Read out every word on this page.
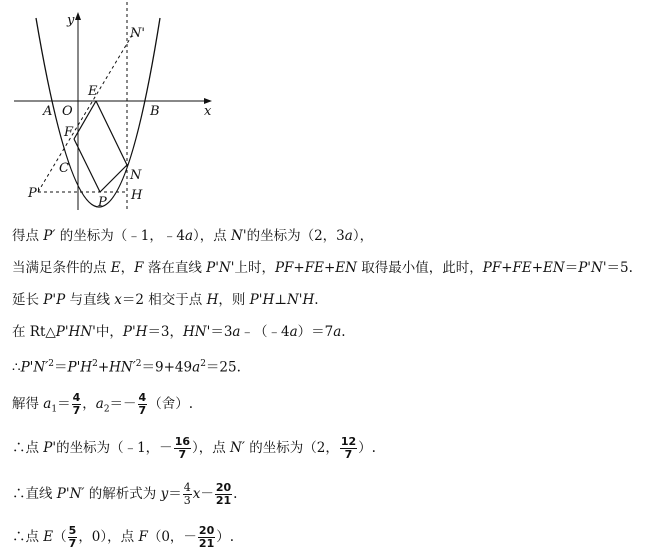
y
x
O
A	B
E
F
C	N
N'
P
P'	H
得点 P′ 的坐标为（﹣1，﹣4a），点 N'的坐标为（2，3a），
当满足条件的点 E，F 落在直线 P'N'上时，PF+FE+EN 取得最小值，此时，PF+FE+EN＝P'N'＝5.
延长 P'P 与直线 x＝2 相交于点 H，则 P'H⊥N'H.
在 Rt△P'HN'中，P'H＝3，HN'＝3a﹣（﹣4a）＝7a.
$\therefore P'N'^2=P'H^2+HN'^2=9+49a^2=25$.
解得 $a_1= \frac{4}{7}$ ，$a_2=- \frac{4}{7}$ （舍）.
∴点 P'的坐标为（﹣1，－ $\frac{16}{7}$ ），点 N′ 的坐标为（2， $\frac{12}{7}$ ）.
∴直线 P'N′ 的解析式为 $y= \frac{4}{3} x- \frac{20}{21}$ .
∴点 $E( \frac{5}{7}$ ，0），点 F（0，－ $\frac{20}{21}$ ）.
